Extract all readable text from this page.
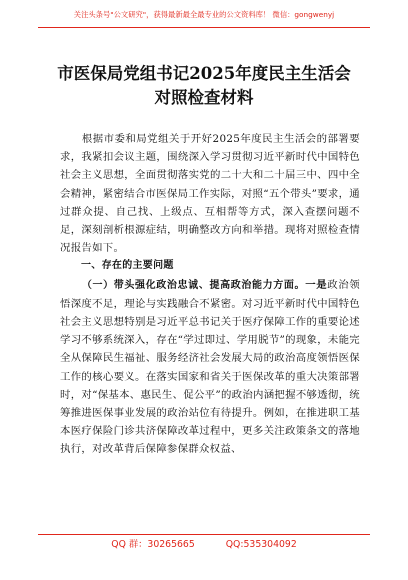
关注头条号"公文研究"，获得最新最全最专业的公文资料库！ 微信：gongwenyj
市医保局党组书记2025年度民主生活会
对照检查材料

根据市委和局党组关于开好2025年度民主生活会的部署要求，我紧扣会议主题，围绕深入学习贯彻习近平新时代中国特色社会主义思想，全面贯彻落实党的二十大和二十届三中、四中全会精神，紧密结合市医保局工作实际，对照“五个带头”要求，通过群众提、自己找、上级点、互相帮等方式，深入查摆问题不足，深刻剖析根源症结，明确整改方向和举措。现将对照检查情况报告如下。

一、存在的主要问题

（一）带头强化政治忠诚、提高政治能力方面。一是政治领悟深度不足，理论与实践融合不紧密。对习近平新时代中国特色社会主义思想特别是习近平总书记关于医疗保障工作的重要论述学习不够系统深入，存在“学过即过、学用脱节”的现象，未能完全从保障民生福祉、服务经济社会发展大局的政治高度领悟医保工作的核心要义。在落实国家和省关于医保改革的重大决策部署时，对“保基本、惠民生、促公平”的政治内涵把握不够透彻，统筹推进医保事业发展的政治站位有待提升。例如，在推进职工基本医疗保险门诊共济保障改革过程中，更多关注政策条文的落地执行，对改革背后保障参保群众权益、

QQ 群：30265665	QQ:535304092
